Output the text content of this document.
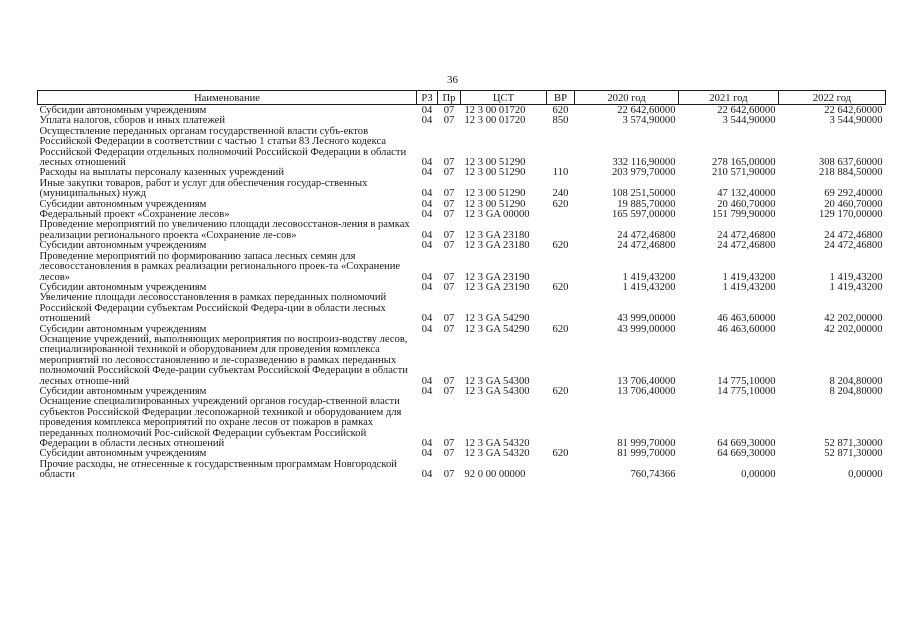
36
Наименование	РЗ	Пр	ЦСТ	ВР	2020 год	2021 год	2022 год
Субсидии автономным учреждениям	04	07	12 3 00 01720	620	22 642,60000	22 642,60000	22 642,60000
Уплата налогов, сборов и иных платежей	04	07	12 3 00 01720	850	3 574,90000	3 544,90000	3 544,90000
Осуществление переданных органам государственной власти субъ-ектов Российской Федерации в соответствии с частью 1 статьи 83 Лесного кодекса Российской Федерации отдельных полномочий Российской Федерации в области лесных отношений	04	07	12 3 00 51290		332 116,90000	278 165,00000	308 637,60000
Расходы на выплаты персоналу казенных учреждений	04	07	12 3 00 51290	110	203 979,70000	210 571,90000	218 884,50000
Иные закупки товаров, работ и услуг для обеспечения государ-ственных (муниципальных) нужд	04	07	12 3 00 51290	240	108 251,50000	47 132,40000	69 292,40000
Субсидии автономным учреждениям	04	07	12 3 00 51290	620	19 885,70000	20 460,70000	20 460,70000
Федеральный проект «Сохранение лесов»	04	07	12 3 GA 00000		165 597,00000	151 799,90000	129 170,00000
Проведение мероприятий по увеличению площади лесовосстанов-ления в рамках реализации регионального проекта «Сохранение ле-сов»	04	07	12 3 GA 23180		24 472,46800	24 472,46800	24 472,46800
Субсидии автономным учреждениям	04	07	12 3 GA 23180	620	24 472,46800	24 472,46800	24 472,46800
Проведение мероприятий по формированию запаса лесных семян для лесовосстановления в рамках реализации регионального проек-та «Сохранение лесов»	04	07	12 3 GA 23190		1 419,43200	1 419,43200	1 419,43200
Субсидии автономным учреждениям	04	07	12 3 GA 23190	620	1 419,43200	1 419,43200	1 419,43200
Увеличение площади лесовосстановления в рамках переданных полномочий Российской Федерации субъектам Российской Федера-ции в области лесных отношений	04	07	12 3 GA 54290		43 999,00000	46 463,60000	42 202,00000
Субсидии автономным учреждениям	04	07	12 3 GA 54290	620	43 999,00000	46 463,60000	42 202,00000
Оснащение учреждений, выполняющих мероприятия по воспроиз-водству лесов, специализированной техникой и оборудованием для проведения комплекса мероприятий по лесовосстановлению и ле-соразведению в рамках переданных полномочий Российской Феде-рации субъектам Российской Федерации в области лесных отноше-ний	04	07	12 3 GA 54300		13 706,40000	14 775,10000	8 204,80000
Субсидии автономным учреждениям	04	07	12 3 GA 54300	620	13 706,40000	14 775,10000	8 204,80000
Оснащение специализированных учреждений органов государ-ственной власти субъектов Российской Федерации лесопожарной техникой и оборудованием для проведения комплекса мероприятий по охране лесов от пожаров в рамках переданных полномочий Рос-сийской Федерации субъектам Российской Федерации в области лесных отношений	04	07	12 3 GA 54320		81 999,70000	64 669,30000	52 871,30000
Субсидии автономным учреждениям	04	07	12 3 GA 54320	620	81 999,70000	64 669,30000	52 871,30000
Прочие расходы, не отнесенные к государственным программам Новгородской области	04	07	92 0 00 00000		760,74366	0,00000	0,00000
